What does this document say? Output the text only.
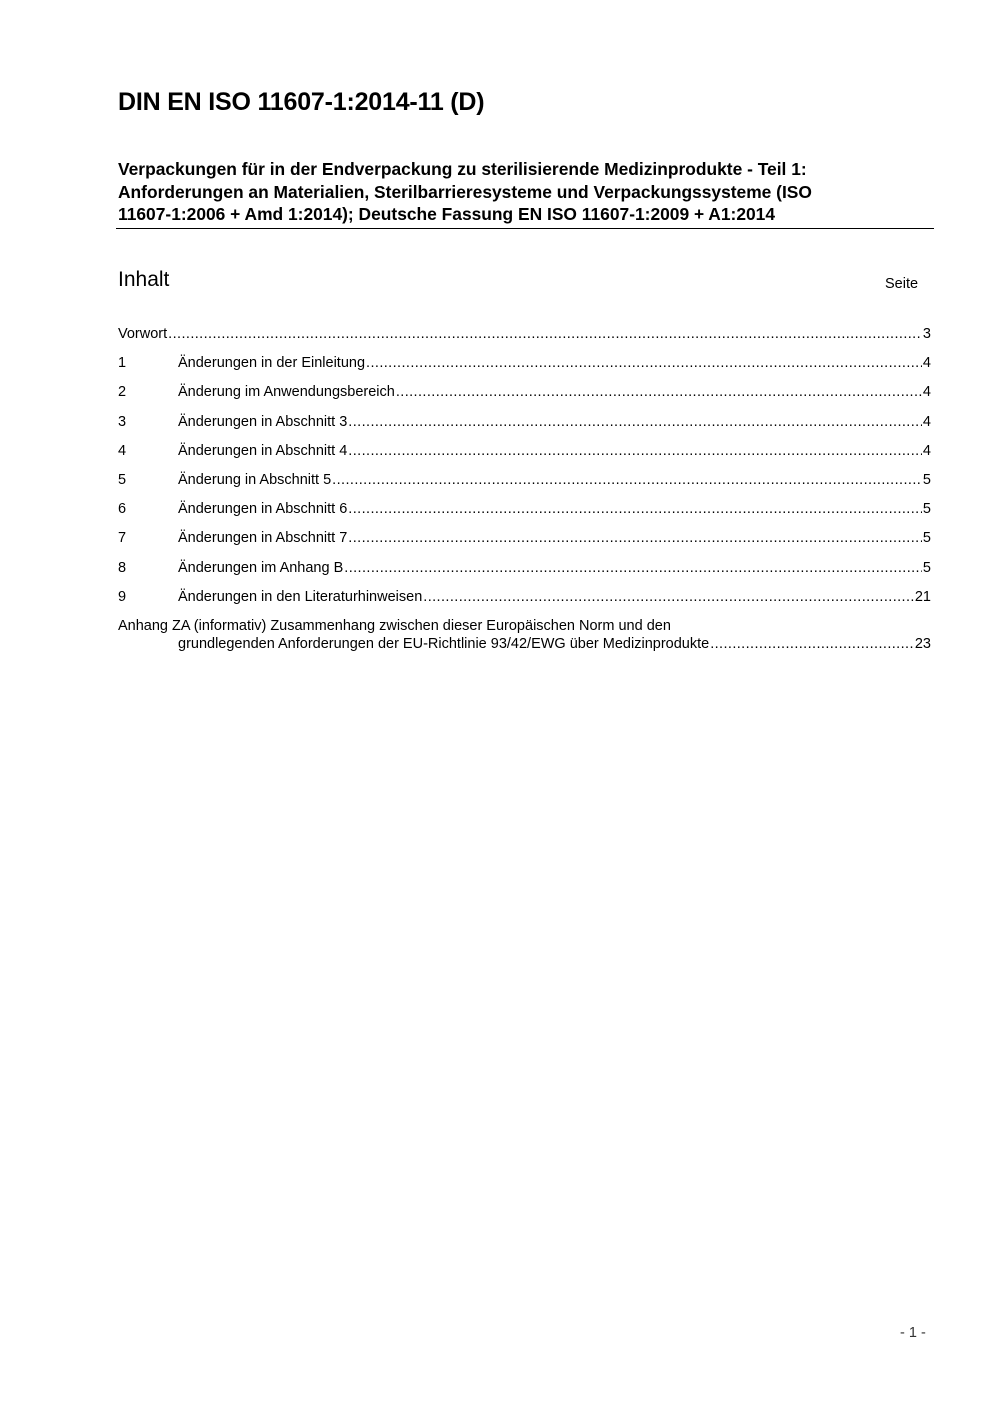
DIN EN ISO 11607-1:2014-11 (D)
Verpackungen für in der Endverpackung zu sterilisierende Medizinprodukte - Teil 1:
Anforderungen an Materialien, Sterilbarrieresysteme und Verpackungssysteme (ISO
11607-1:2006 + Amd 1:2014); Deutsche Fassung EN ISO 11607-1:2009 + A1:2014
Inhalt	Seite
Vorwort .....	3
1	Änderungen in der Einleitung .....	4
2	Änderung im Anwendungsbereich .....	4
3	Änderungen in Abschnitt 3 .....	4
4	Änderungen in Abschnitt 4 .....	4
5	Änderung in Abschnitt 5 .....	5
6	Änderungen in Abschnitt 6 .....	5
7	Änderungen in Abschnitt 7 .....	5
8	Änderungen im Anhang B .....	5
9	Änderungen in den Literaturhinweisen .....	21
Anhang ZA (informativ) Zusammenhang zwischen dieser Europäischen Norm und den
grundlegenden Anforderungen der EU-Richtlinie 93/42/EWG über Medizinprodukte .....	23
- 1 -
